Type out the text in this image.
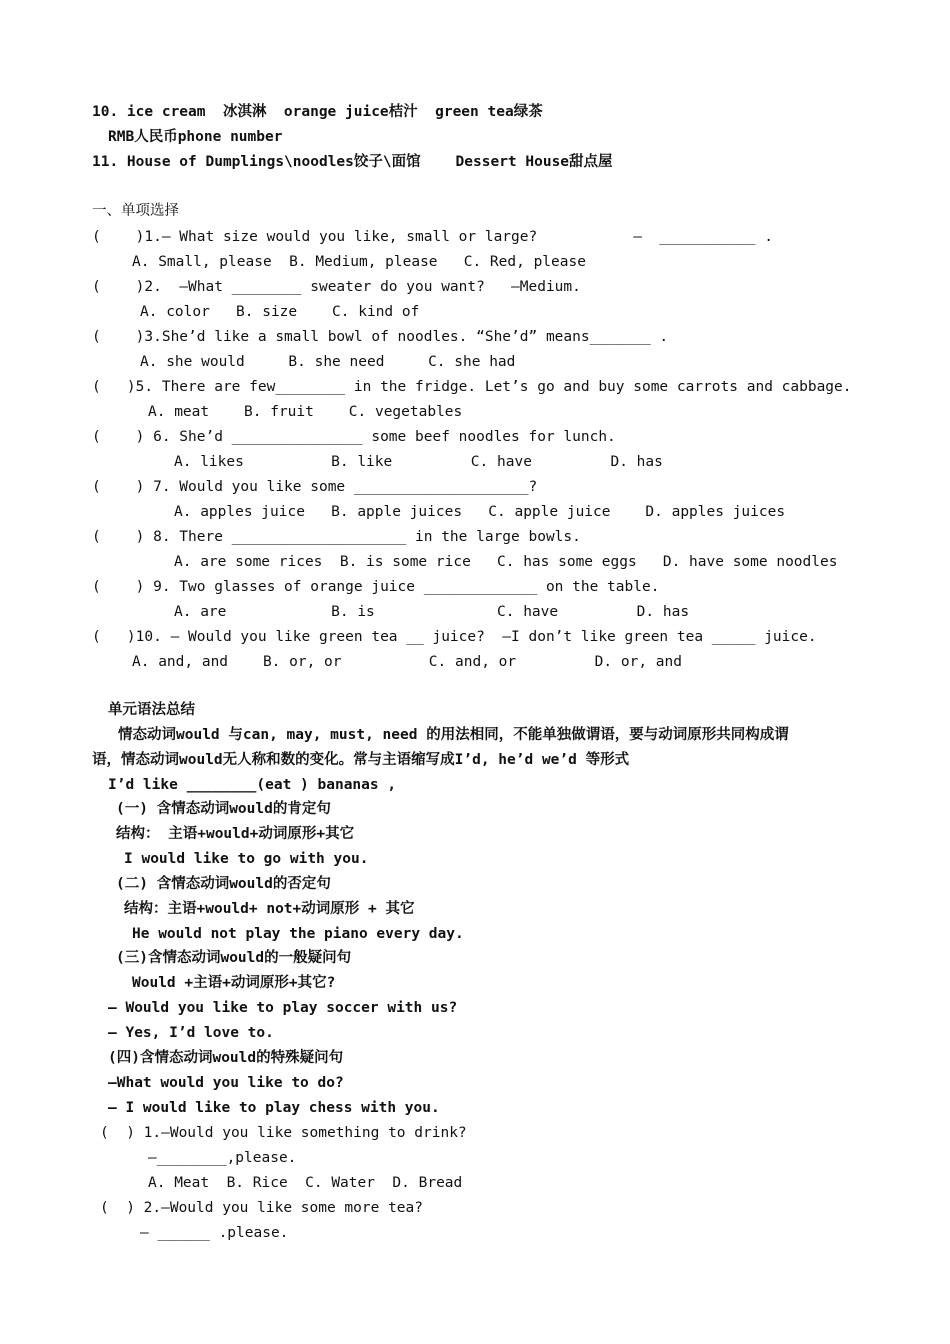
10. ice cream  冰淇淋  orange juice桔汁  green tea绿茶
RMB人民币phone number
11. House of Dumplings\noodles饺子\面馆    Dessert House甜点屋
一、单项选择
(    )1.— What size would you like, small or large?           —  ___________ .
A. Small, please  B. Medium, please   C. Red, please
(    )2.  —What ________ sweater do you want?   —Medium.
A. color   B. size    C. kind of
(    )3.She’d like a small bowl of noodles. “She’d” means_______ .
A. she would     B. she need     C. she had
(   )5. There are few________ in the fridge. Let’s go and buy some carrots and cabbage.
A. meat    B. fruit    C. vegetables
(    ) 6. She’d _______________ some beef noodles for lunch.
A. likes          B. like         C. have         D. has
(    ) 7. Would you like some ____________________?
A. apples juice   B. apple juices   C. apple juice    D. apples juices
(    ) 8. There ____________________ in the large bowls.
A. are some rices  B. is some rice   C. has some eggs   D. have some noodles
(    ) 9. Two glasses of orange juice _____________ on the table.
A. are            B. is              C. have         D. has
(   )10. — Would you like green tea __ juice?  —I don’t like green tea _____ juice.
A. and, and    B. or, or          C. and, or         D. or, and
单元语法总结
情态动词would 与can, may, must, need 的用法相同，不能单独做谓语，要与动词原形共同构成谓
语，情态动词would无人称和数的变化。常与主语缩写成I’d, he’d we’d 等形式
I’d like ________(eat ) bananas ,
(一) 含情态动词would的肯定句
结构： 主语+would+动词原形+其它
I would like to go with you.
(二) 含情态动词would的否定句
结构：主语+would+ not+动词原形 + 其它
He would not play the piano every day.
(三)含情态动词would的一般疑问句
Would +主语+动词原形+其它?
— Would you like to play soccer with us?
— Yes, I’d love to.
(四)含情态动词would的特殊疑问句
—What would you like to do?
— I would like to play chess with you.
(  ) 1.—Would you like something to drink?
—________,please.
A. Meat  B. Rice  C. Water  D. Bread
(  ) 2.—Would you like some more tea?
— ______ .please.
